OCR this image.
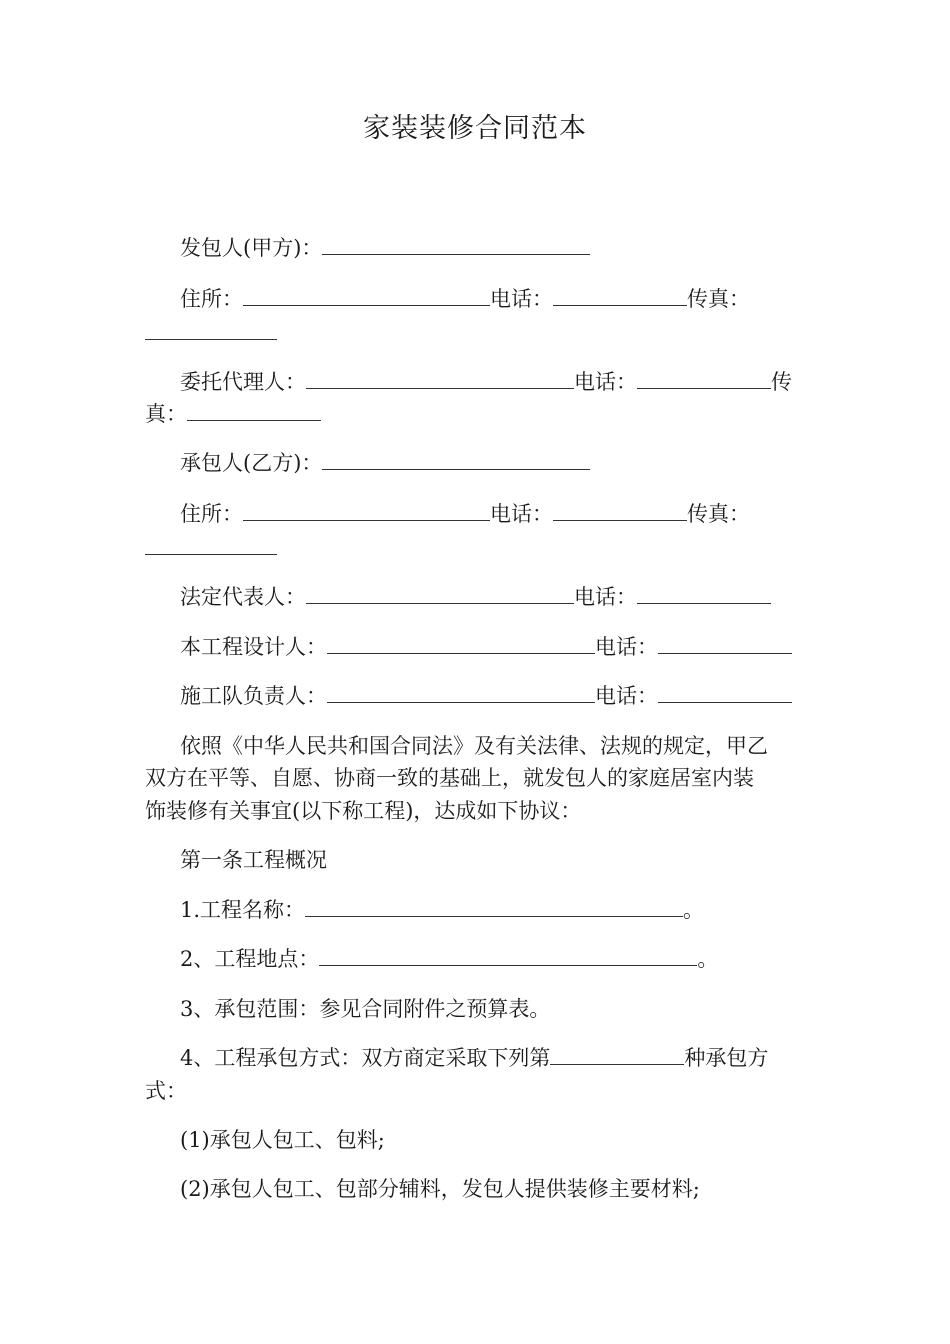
家装装修合同范本
发包人(甲方)：
住所：	电话：	传真：
委托代理人：	电话：	传
真：
承包人(乙方)：
住所：	电话：	传真：
法定代表人：	电话：
本工程设计人：	电话：
施工队负责人：	电话：
依照《中华人民共和国合同法》及有关法律、法规的规定，甲乙
双方在平等、自愿、协商一致的基础上，就发包人的家庭居室内装
饰装修有关事宜(以下称工程)，达成如下协议：
第一条工程概况
1.工程名称：	。
2、工程地点：	。
3、承包范围：参见合同附件之预算表。
4、工程承包方式：双方商定采取下列第	种承包方
式：
(1)承包人包工、包料;
(2)承包人包工、包部分辅料，发包人提供装修主要材料;
